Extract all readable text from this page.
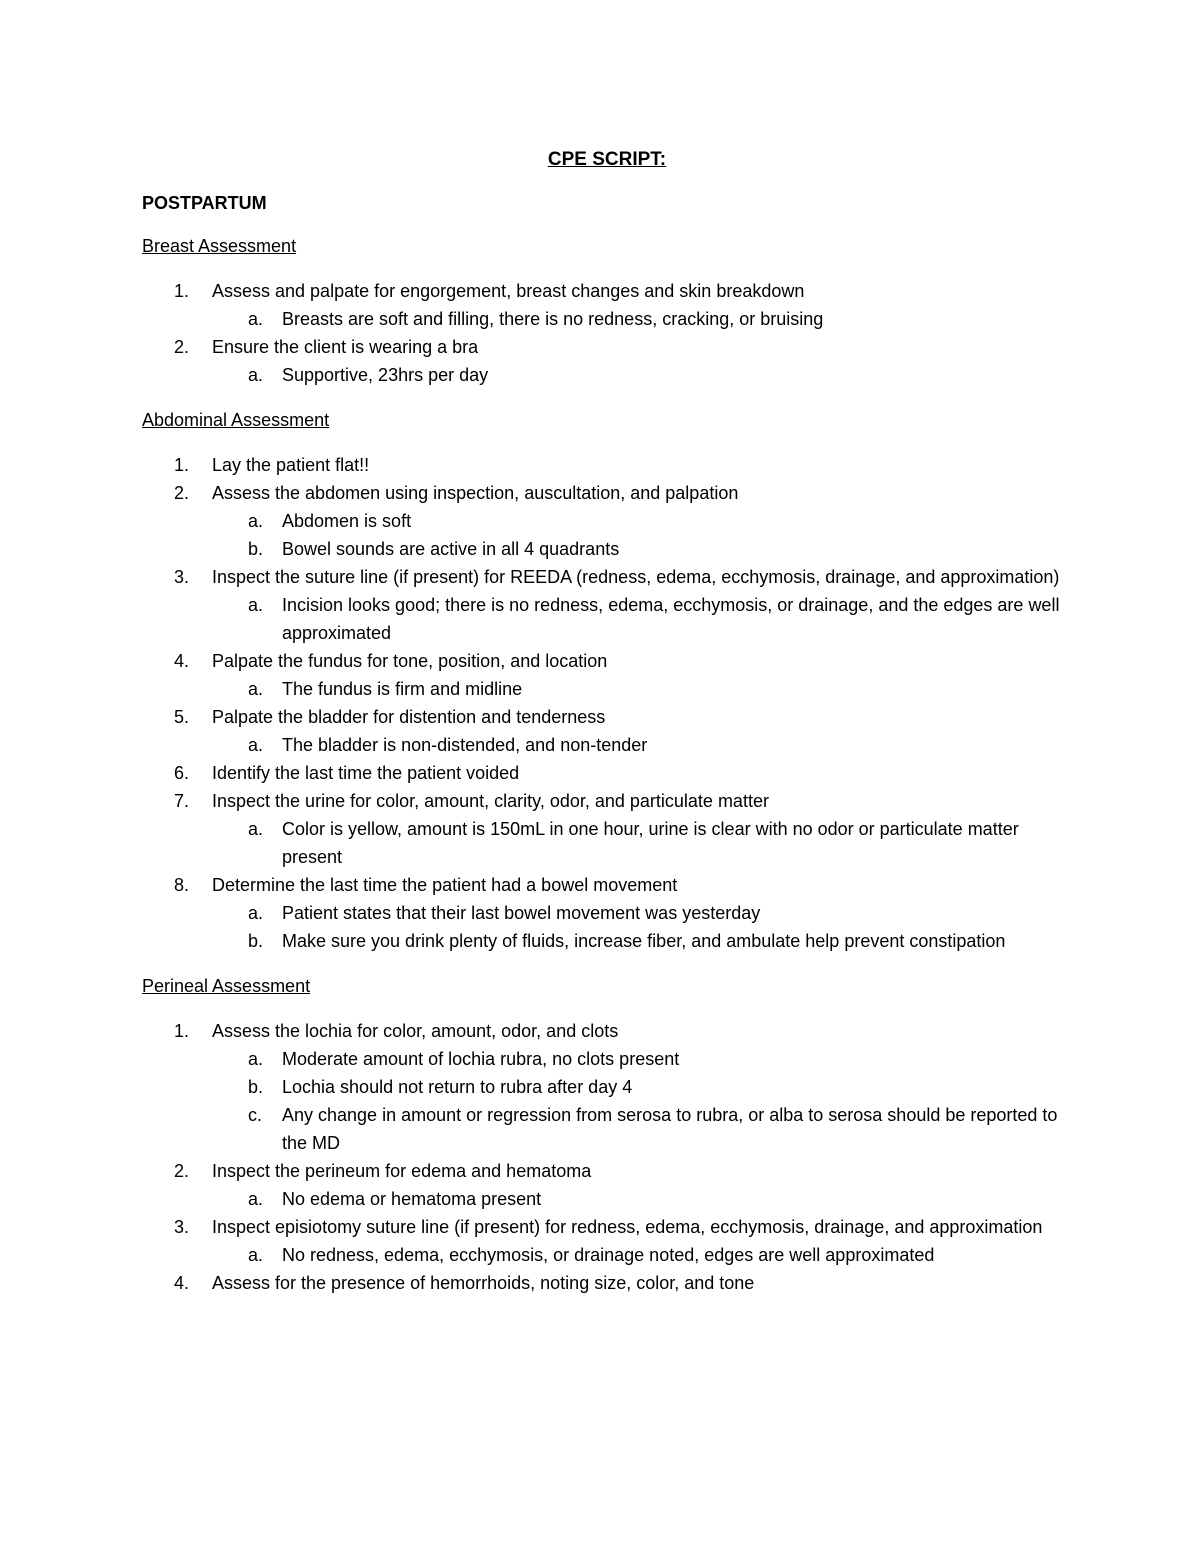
CPE SCRIPT:
POSTPARTUM
Breast Assessment
1. Assess and palpate for engorgement, breast changes and skin breakdown
a. Breasts are soft and filling, there is no redness, cracking, or bruising
2. Ensure the client is wearing a bra
a. Supportive, 23hrs per day
Abdominal Assessment
1. Lay the patient flat!!
2. Assess the abdomen using inspection, auscultation, and palpation
a. Abdomen is soft
b. Bowel sounds are active in all 4 quadrants
3. Inspect the suture line (if present) for REEDA (redness, edema, ecchymosis, drainage, and approximation)
a. Incision looks good; there is no redness, edema, ecchymosis, or drainage, and the edges are well approximated
4. Palpate the fundus for tone, position, and location
a. The fundus is firm and midline
5. Palpate the bladder for distention and tenderness
a. The bladder is non-distended, and non-tender
6. Identify the last time the patient voided
7. Inspect the urine for color, amount, clarity, odor, and particulate matter
a. Color is yellow, amount is 150mL in one hour, urine is clear with no odor or particulate matter present
8. Determine the last time the patient had a bowel movement
a. Patient states that their last bowel movement was yesterday
b. Make sure you drink plenty of fluids, increase fiber, and ambulate help prevent constipation
Perineal Assessment
1. Assess the lochia for color, amount, odor, and clots
a. Moderate amount of lochia rubra, no clots present
b. Lochia should not return to rubra after day 4
c. Any change in amount or regression from serosa to rubra, or alba to serosa should be reported to the MD
2. Inspect the perineum for edema and hematoma
a. No edema or hematoma present
3. Inspect episiotomy suture line (if present) for redness, edema, ecchymosis, drainage, and approximation
a. No redness, edema, ecchymosis, or drainage noted, edges are well approximated
4. Assess for the presence of hemorrhoids, noting size, color, and tone
